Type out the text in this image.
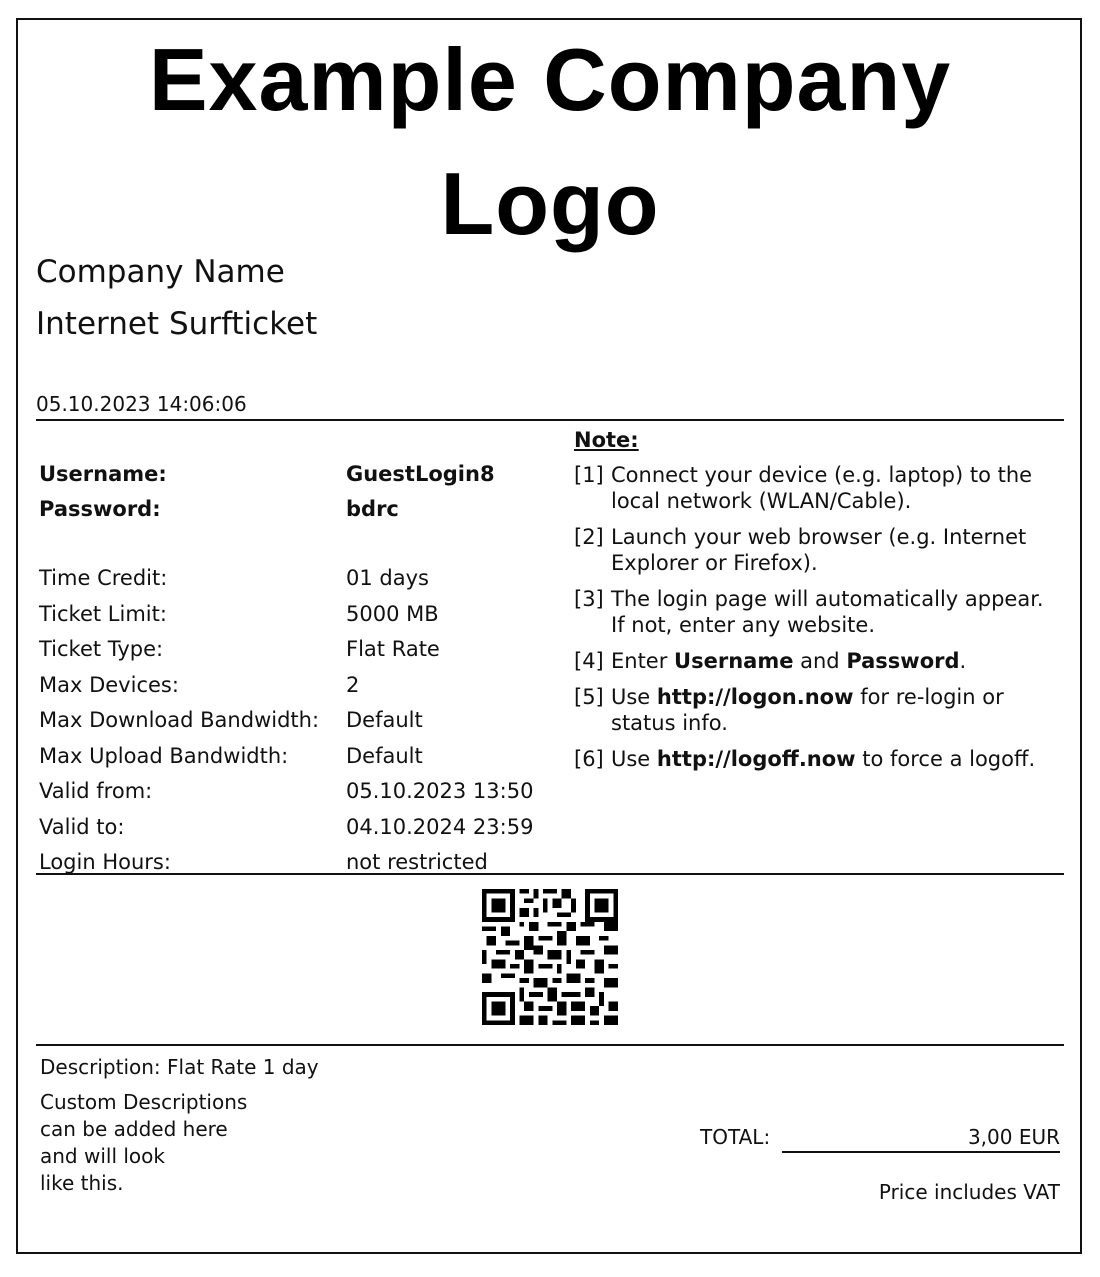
Example Company
Logo
Company Name
Internet Surfticket
05.10.2023 14:06:06
Username:	GuestLogin8
Password:	bdrc
Time Credit:	01 days
Ticket Limit:	5000 MB
Ticket Type:	Flat Rate
Max Devices:	2
Max Download Bandwidth: Default
Max Upload Bandwidth:	Default
Valid from:	05.10.2023 13:50
Valid to:	04.10.2024 23:59
Login Hours:	not restricted
Note:
[1] Connect your device (e.g. laptop) to the local network (WLAN/Cable).
[2] Launch your web browser (e.g. Internet Explorer or Firefox).
[3] The login page will automatically appear. If not, enter any website.
[4] Enter Username and Password.
[5] Use http://logon.now for re-login or status info.
[6] Use http://logoff.now to force a logoff.
Description: Flat Rate 1 day
Custom Descriptions
can be added here
and will look
like this.
TOTAL:	3,00 EUR
Price includes VAT
